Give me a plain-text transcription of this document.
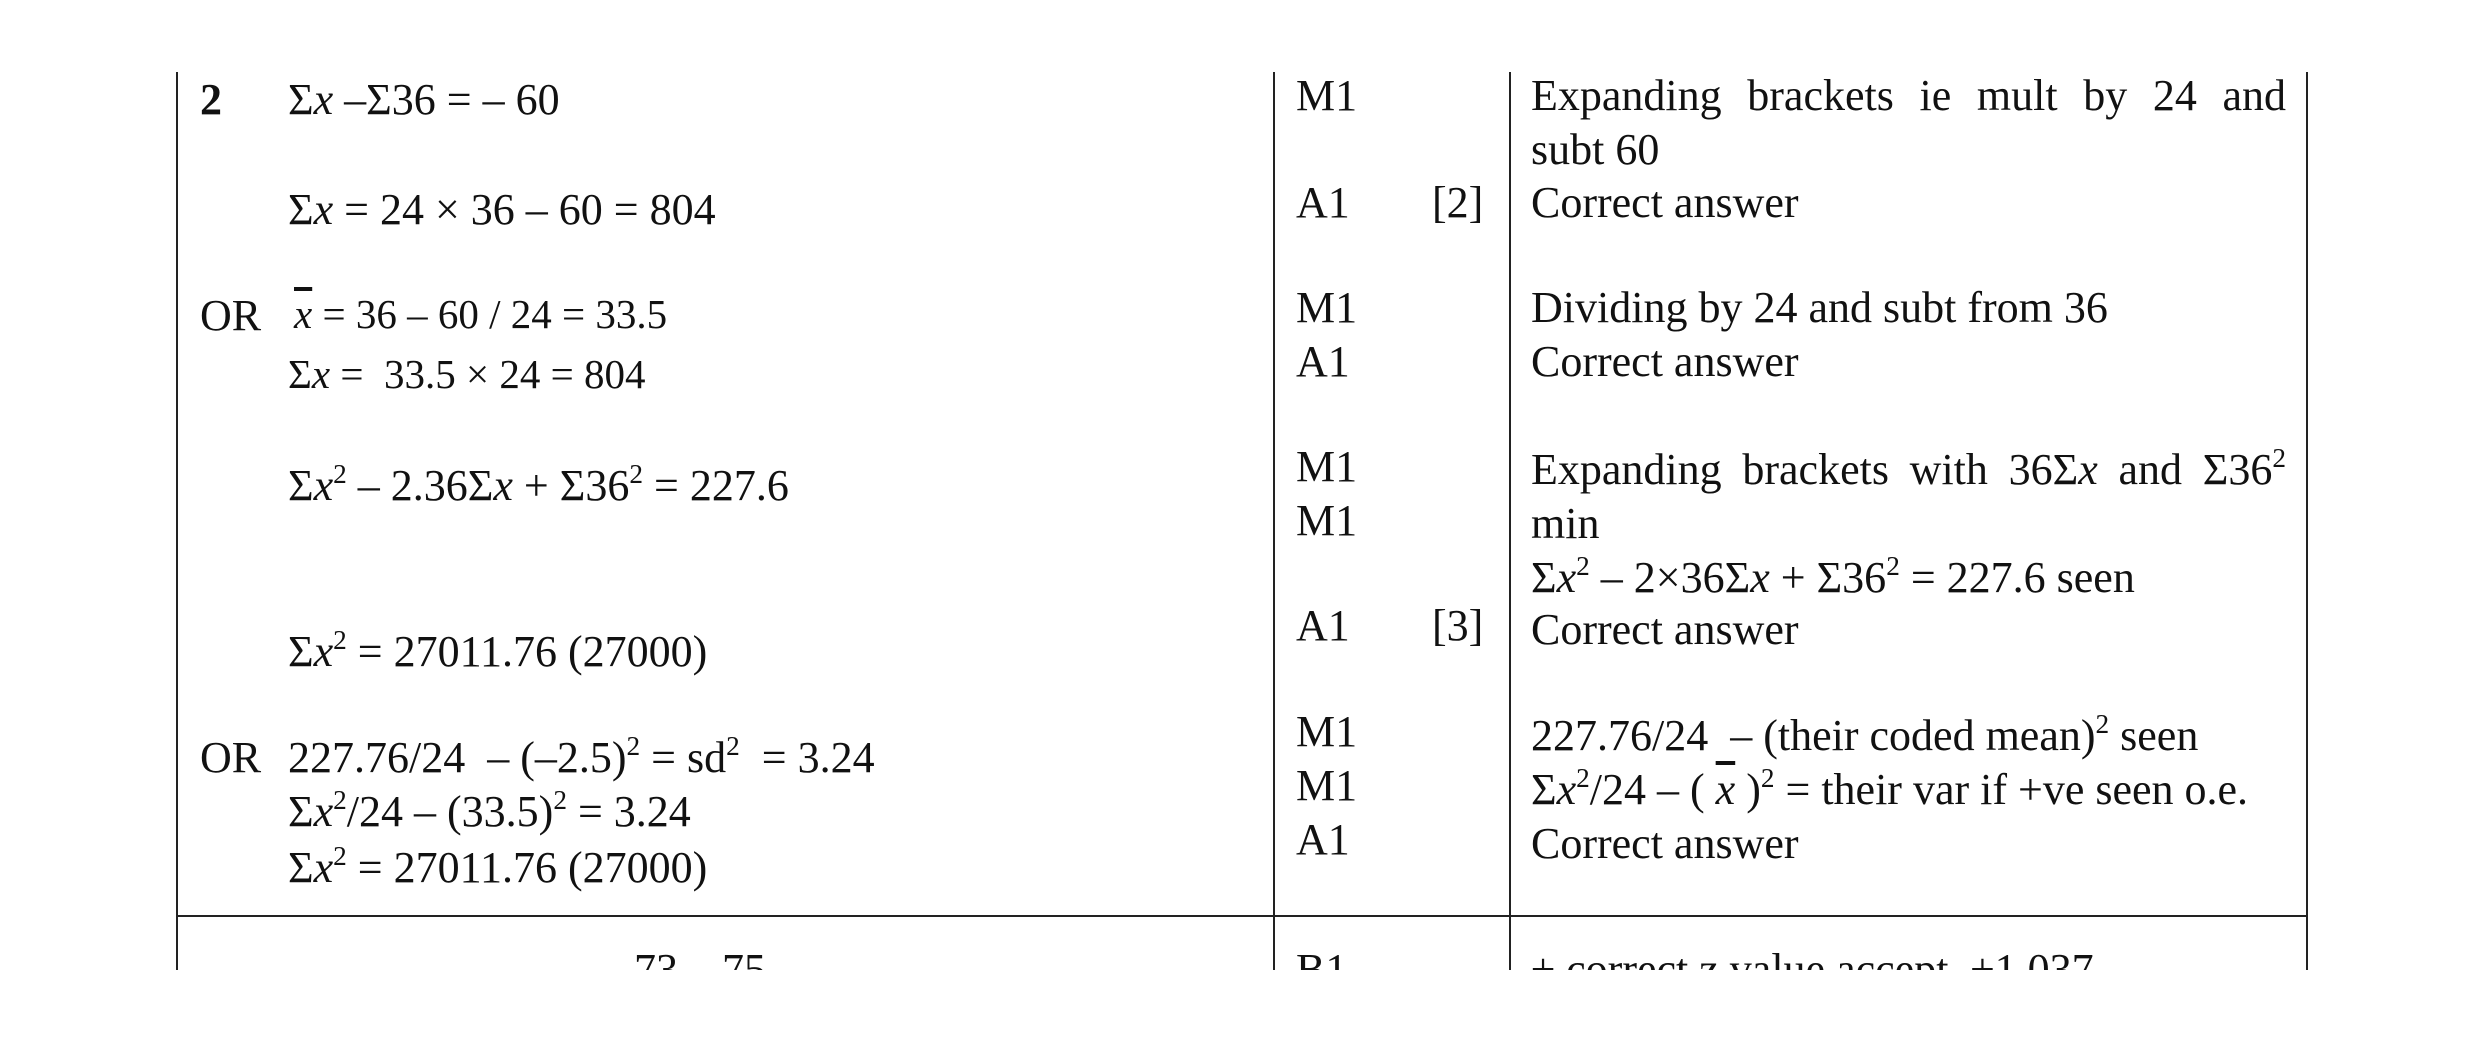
2 Σx –Σ36 = – 60
Σx = 24 × 36 – 60 = 804
OR $\overline{x} = 36 - 60 / 24 = 33.5$
Σx =  33.5 × 24 = 804
$\Sigma x^2 - 2.36\Sigma x + \Sigma 36^2 = 227.6$
$\Sigma x^2 = 27011.76$ (27000)
OR $227.76/24 - (-2.5)^2 = sd^2 = 3.24$
$\Sigma x^2/24 - (33.5)^2 = 3.24$
$\Sigma x^2 = 27011.76$ (27000)
M1
A1 [2]
M1
A1
M1
M1
A1 [3]
M1
M1
A1
Expanding brackets ie mult by 24 and
subt 60
Correct answer
Dividing by 24 and subt from 36
Correct answer
Expanding brackets with 36Σx and $\Sigma 36^2$
min
$\Sigma x^2 - 2\times 36\Sigma x + \Sigma 36^2 = 227.6$ seen
Correct answer
227.76/24  – (their coded mean)$^2$ seen
$\Sigma x^2/24$ – ( $\overline{x}$ )$^2$ = their var if +ve seen o.e.
Correct answer
